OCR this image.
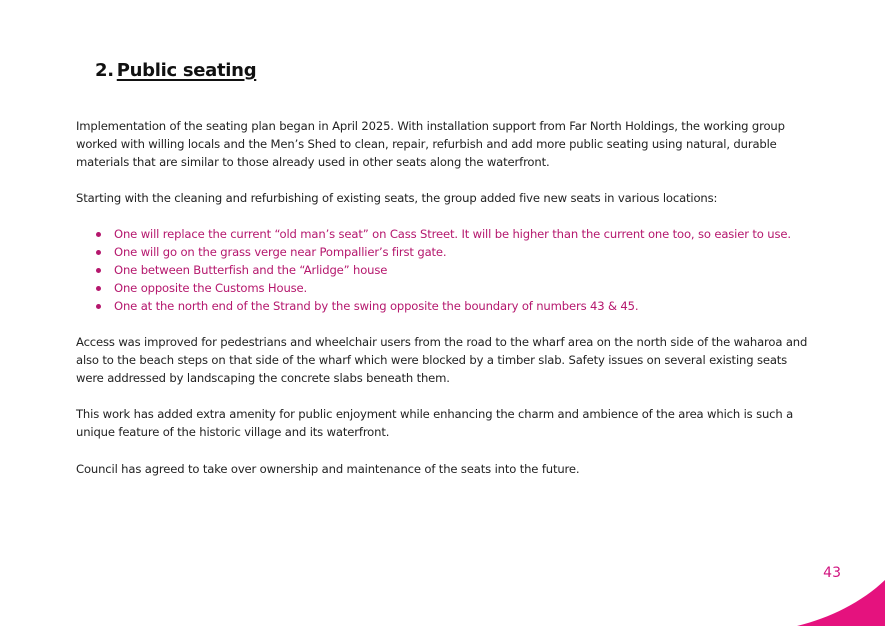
2. Public seating

Implementation of the seating plan began in April 2025. With installation support from Far North Holdings, the working group worked with willing locals and the Men’s Shed to clean, repair, refurbish and add more public seating using natural, durable materials that are similar to those already used in other seats along the waterfront.

Starting with the cleaning and refurbishing of existing seats, the group added five new seats in various locations:

One will replace the current “old man’s seat” on Cass Street. It will be higher than the current one too, so easier to use.
One will go on the grass verge near Pompallier’s first gate.
One between Butterfish and the “Arlidge” house
One opposite the Customs House.
One at the north end of the Strand by the swing opposite the boundary of numbers 43 & 45.

Access was improved for pedestrians and wheelchair users from the road to the wharf area on the north side of the waharoa and also to the beach steps on that side of the wharf which were blocked by a timber slab. Safety issues on several existing seats were addressed by landscaping the concrete slabs beneath them.

This work has added extra amenity for public enjoyment while enhancing the charm and ambience of the area which is such a unique feature of the historic village and its waterfront.

Council has agreed to take over ownership and maintenance of the seats into the future.

43
